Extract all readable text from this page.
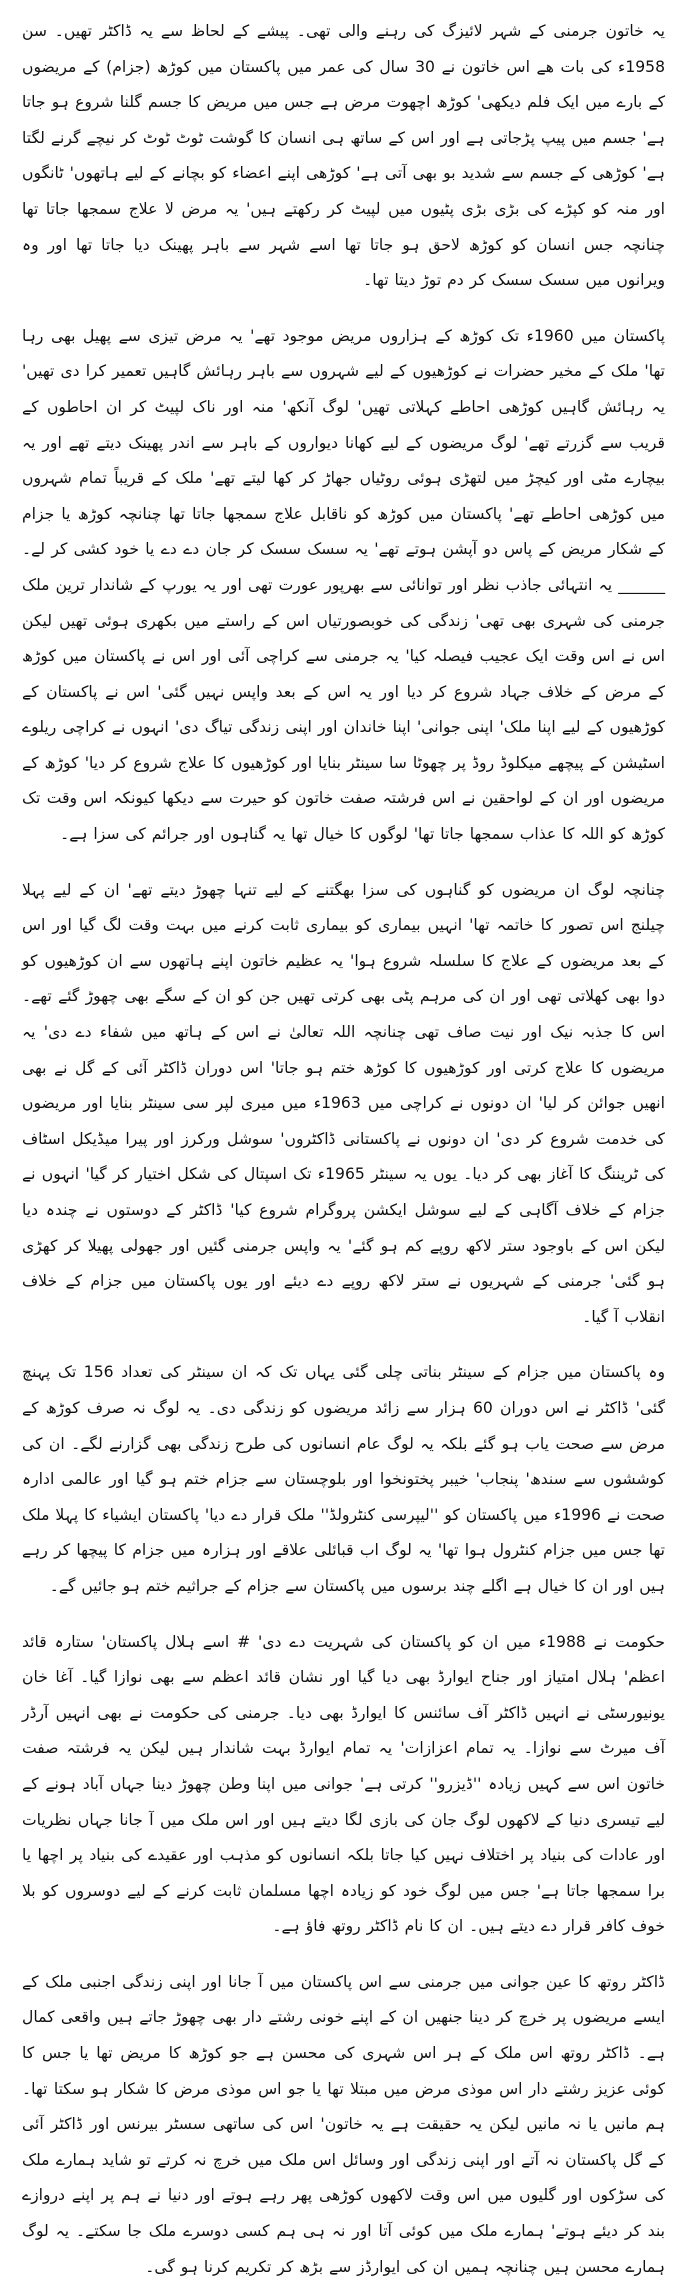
یہ خاتون جرمنی کے شہر لائیزگ کی رہنے والی تھی۔ پیشے کے لحاظ سے یہ ڈاکٹر تھیں۔ سن 1958ء کی بات ھے اس خاتون نے 30 سال کی عمر میں پاکستان میں کوڑھ (جزام) کے مریضوں کے بارے میں ایک فلم دیکھی' کوڑھ اچھوت مرض ہے جس میں مریض کا جسم گلنا شروع ہو جاتا ہے' جسم میں پیپ پڑجاتی ہے اور اس کے ساتھ ہی انسان کا گوشت ٹوٹ ٹوٹ کر نیچے گرنے لگتا ہے' کوڑھی کے جسم سے شدید بو بھی آتی ہے' کوڑھی اپنے اعضاء کو بچانے کے لیے ہاتھوں' ٹانگوں اور منہ کو کپڑے کی بڑی بڑی پٹیوں میں لپیٹ کر رکھتے ہیں' یہ مرض لا علاج سمجھا جاتا تھا چنانچہ جس انسان کو کوڑھ لاحق ہو جاتا تھا اسے شہر سے باہر پھینک دیا جاتا تھا اور وہ ویرانوں میں سسک سسک کر دم توڑ دیتا تھا۔

پاکستان میں 1960ء تک کوڑھ کے ہزاروں مریض موجود تھے' یہ مرض تیزی سے پھیل بھی رہا تھا' ملک کے مخیر حضرات نے کوڑھیوں کے لیے شہروں سے باہر رہائش گاہیں تعمیر کرا دی تھیں' یہ رہائش گاہیں کوڑھی احاطے کہلاتی تھیں' لوگ آنکھ' منہ اور ناک لپیٹ کر ان احاطوں کے قریب سے گزرتے تھے' لوگ مریضوں کے لیے کھانا دیواروں کے باہر سے اندر پھینک دیتے تھے اور یہ بیچارے مٹی اور کیچڑ میں لتھڑی ہوئی روٹیاں جھاڑ کر کھا لیتے تھے' ملک کے قریباً تمام شہروں میں کوڑھی احاطے تھے' پاکستان میں کوڑھ کو ناقابل علاج سمجھا جاتا تھا چنانچہ کوڑھ یا جزام کے شکار مریض کے پاس دو آپشن ہوتے تھے' یہ سسک سسک کر جان دے دے یا خود کشی کر لے۔ ______ یہ انتہائی جاذب نظر اور توانائی سے بھرپور عورت تھی اور یہ یورپ کے شاندار ترین ملک جرمنی کی شہری بھی تھی' زندگی کی خوبصورتیاں اس کے راستے میں بکھری ہوئی تھیں لیکن اس نے اس وقت ایک عجیب فیصلہ کیا' یہ جرمنی سے کراچی آئی اور اس نے پاکستان میں کوڑھ کے مرض کے خلاف جہاد شروع کر دیا اور یہ اس کے بعد واپس نہیں گئی' اس نے پاکستان کے کوڑھیوں کے لیے اپنا ملک' اپنی جوانی' اپنا خاندان اور اپنی زندگی تیاگ دی' انہوں نے کراچی ریلوے اسٹیشن کے پیچھے میکلوڈ روڈ پر چھوٹا سا سینٹر بنایا اور کوڑھیوں کا علاج شروع کر دیا' کوڑھ کے مریضوں اور ان کے لواحقین نے اس فرشتہ صفت خاتون کو حیرت سے دیکھا کیونکہ اس وقت تک کوڑھ کو اللہ کا عذاب سمجھا جاتا تھا' لوگوں کا خیال تھا یہ گناہوں اور جرائم کی سزا ہے۔

چنانچہ لوگ ان مریضوں کو گناہوں کی سزا بھگتنے کے لیے تنہا چھوڑ دیتے تھے' ان کے لیے پہلا چیلنج اس تصور کا خاتمہ تھا' انہیں بیماری کو بیماری ثابت کرنے میں بہت وقت لگ گیا اور اس کے بعد مریضوں کے علاج کا سلسلہ شروع ہوا' یہ عظیم خاتون اپنے ہاتھوں سے ان کوڑھیوں کو دوا بھی کھلاتی تھی اور ان کی مرہم پٹی بھی کرتی تھیں جن کو ان کے سگے بھی چھوڑ گئے تھے۔ اس کا جذبہ نیک اور نیت صاف تھی چنانچہ اللہ تعالیٰ نے اس کے ہاتھ میں شفاء دے دی' یہ مریضوں کا علاج کرتی اور کوڑھیوں کا کوڑھ ختم ہو جاتا' اس دوران ڈاکٹر آئی کے گل نے بھی انھیں جوائن کر لیا' ان دونوں نے کراچی میں 1963ء میں میری لپر سی سینٹر بنایا اور مریضوں کی خدمت شروع کر دی' ان دونوں نے پاکستانی ڈاکٹروں' سوشل ورکرز اور پیرا میڈیکل اسٹاف کی ٹریننگ کا آغاز بھی کر دیا۔ یوں یہ سینٹر 1965ء تک اسپتال کی شکل اختیار کر گیا' انہوں نے جزام کے خلاف آگاہی کے لیے سوشل ایکشن پروگرام شروع کیا' ڈاکٹر کے دوستوں نے چندہ دیا لیکن اس کے باوجود ستر لاکھ روپے کم ہو گئے' یہ واپس جرمنی گئیں اور جھولی پھیلا کر کھڑی ہو گئی' جرمنی کے شہریوں نے ستر لاکھ روپے دے دیئے اور یوں پاکستان میں جزام کے خلاف انقلاب آ گیا۔

وہ پاکستان میں جزام کے سینٹر بناتی چلی گئی یہاں تک کہ ان سینٹر کی تعداد 156 تک پہنچ گئی' ڈاکٹر نے اس دوران 60 ہزار سے زائد مریضوں کو زندگی دی۔ یہ لوگ نہ صرف کوڑھ کے مرض سے صحت یاب ہو گئے بلکہ یہ لوگ عام انسانوں کی طرح زندگی بھی گزارنے لگے۔ ان کی کوششوں سے سندھ' پنجاب' خیبر پختونخوا اور بلوچستان سے جزام ختم ہو گیا اور عالمی ادارہ صحت نے 1996ء میں پاکستان کو ''لیپرسی کنٹرولڈ'' ملک قرار دے دیا' پاکستان ایشیاء کا پہلا ملک تھا جس میں جزام کنٹرول ہوا تھا' یہ لوگ اب قبائلی علاقے اور ہزارہ میں جزام کا پیچھا کر رہے ہیں اور ان کا خیال ہے اگلے چند برسوں میں پاکستان سے جزام کے جراثیم ختم ہو جائیں گے۔

حکومت نے 1988ء میں ان کو پاکستان کی شہریت دے دی' # اسے ہلال پاکستان' ستارہ قائد اعظم' ہلال امتیاز اور جناح ایوارڈ بھی دیا گیا اور نشان قائد اعظم سے بھی نوازا گیا۔ آغا خان یونیورسٹی نے انہیں ڈاکٹر آف سائنس کا ایوارڈ بھی دیا۔ جرمنی کی حکومت نے بھی انہیں آرڈر آف میرٹ سے نوازا۔ یہ تمام اعزازات' یہ تمام ایوارڈ بہت شاندار ہیں لیکن یہ فرشتہ صفت خاتون اس سے کہیں زیادہ ''ڈیزرو'' کرتی ہے' جوانی میں اپنا وطن چھوڑ دینا جہاں آباد ہونے کے لیے تیسری دنیا کے لاکھوں لوگ جان کی بازی لگا دیتے ہیں اور اس ملک میں آ جانا جہاں نظریات اور عادات کی بنیاد پر اختلاف نہیں کیا جاتا بلکہ انسانوں کو مذہب اور عقیدے کی بنیاد پر اچھا یا برا سمجھا جاتا ہے' جس میں لوگ خود کو زیادہ اچھا مسلمان ثابت کرنے کے لیے دوسروں کو بلا خوف کافر قرار دے دیتے ہیں۔ ان کا نام ڈاکٹر روتھ فاؤ ہے۔

ڈاکٹر روتھ کا عین جوانی میں جرمنی سے اس پاکستان میں آ جانا اور اپنی زندگی اجنبی ملک کے ایسے مریضوں پر خرچ کر دینا جنھیں ان کے اپنے خونی رشتے دار بھی چھوڑ جاتے ہیں واقعی کمال ہے۔ ڈاکٹر روتھ اس ملک کے ہر اس شہری کی محسن ہے جو کوڑھ کا مریض تھا یا جس کا کوئی عزیز رشتے دار اس موذی مرض میں مبتلا تھا یا جو اس موذی مرض کا شکار ہو سکتا تھا۔ ہم مانیں یا نہ مانیں لیکن یہ حقیقت ہے یہ خاتون' اس کی ساتھی سسٹر بیرنس اور ڈاکٹر آئی کے گل پاکستان نہ آتے اور اپنی زندگی اور وسائل اس ملک میں خرچ نہ کرتے تو شاید ہمارے ملک کی سڑکوں اور گلیوں میں اس وقت لاکھوں کوڑھی پھر رہے ہوتے اور دنیا نے ہم پر اپنے دروازے بند کر دیئے ہوتے' ہمارے ملک میں کوئی آتا اور نہ ہی ہم کسی دوسرے ملک جا سکتے۔ یہ لوگ ہمارے محسن ہیں چنانچہ ہمیں ان کی ایوارڈز سے بڑھ کر تکریم کرنا ہو گی۔
